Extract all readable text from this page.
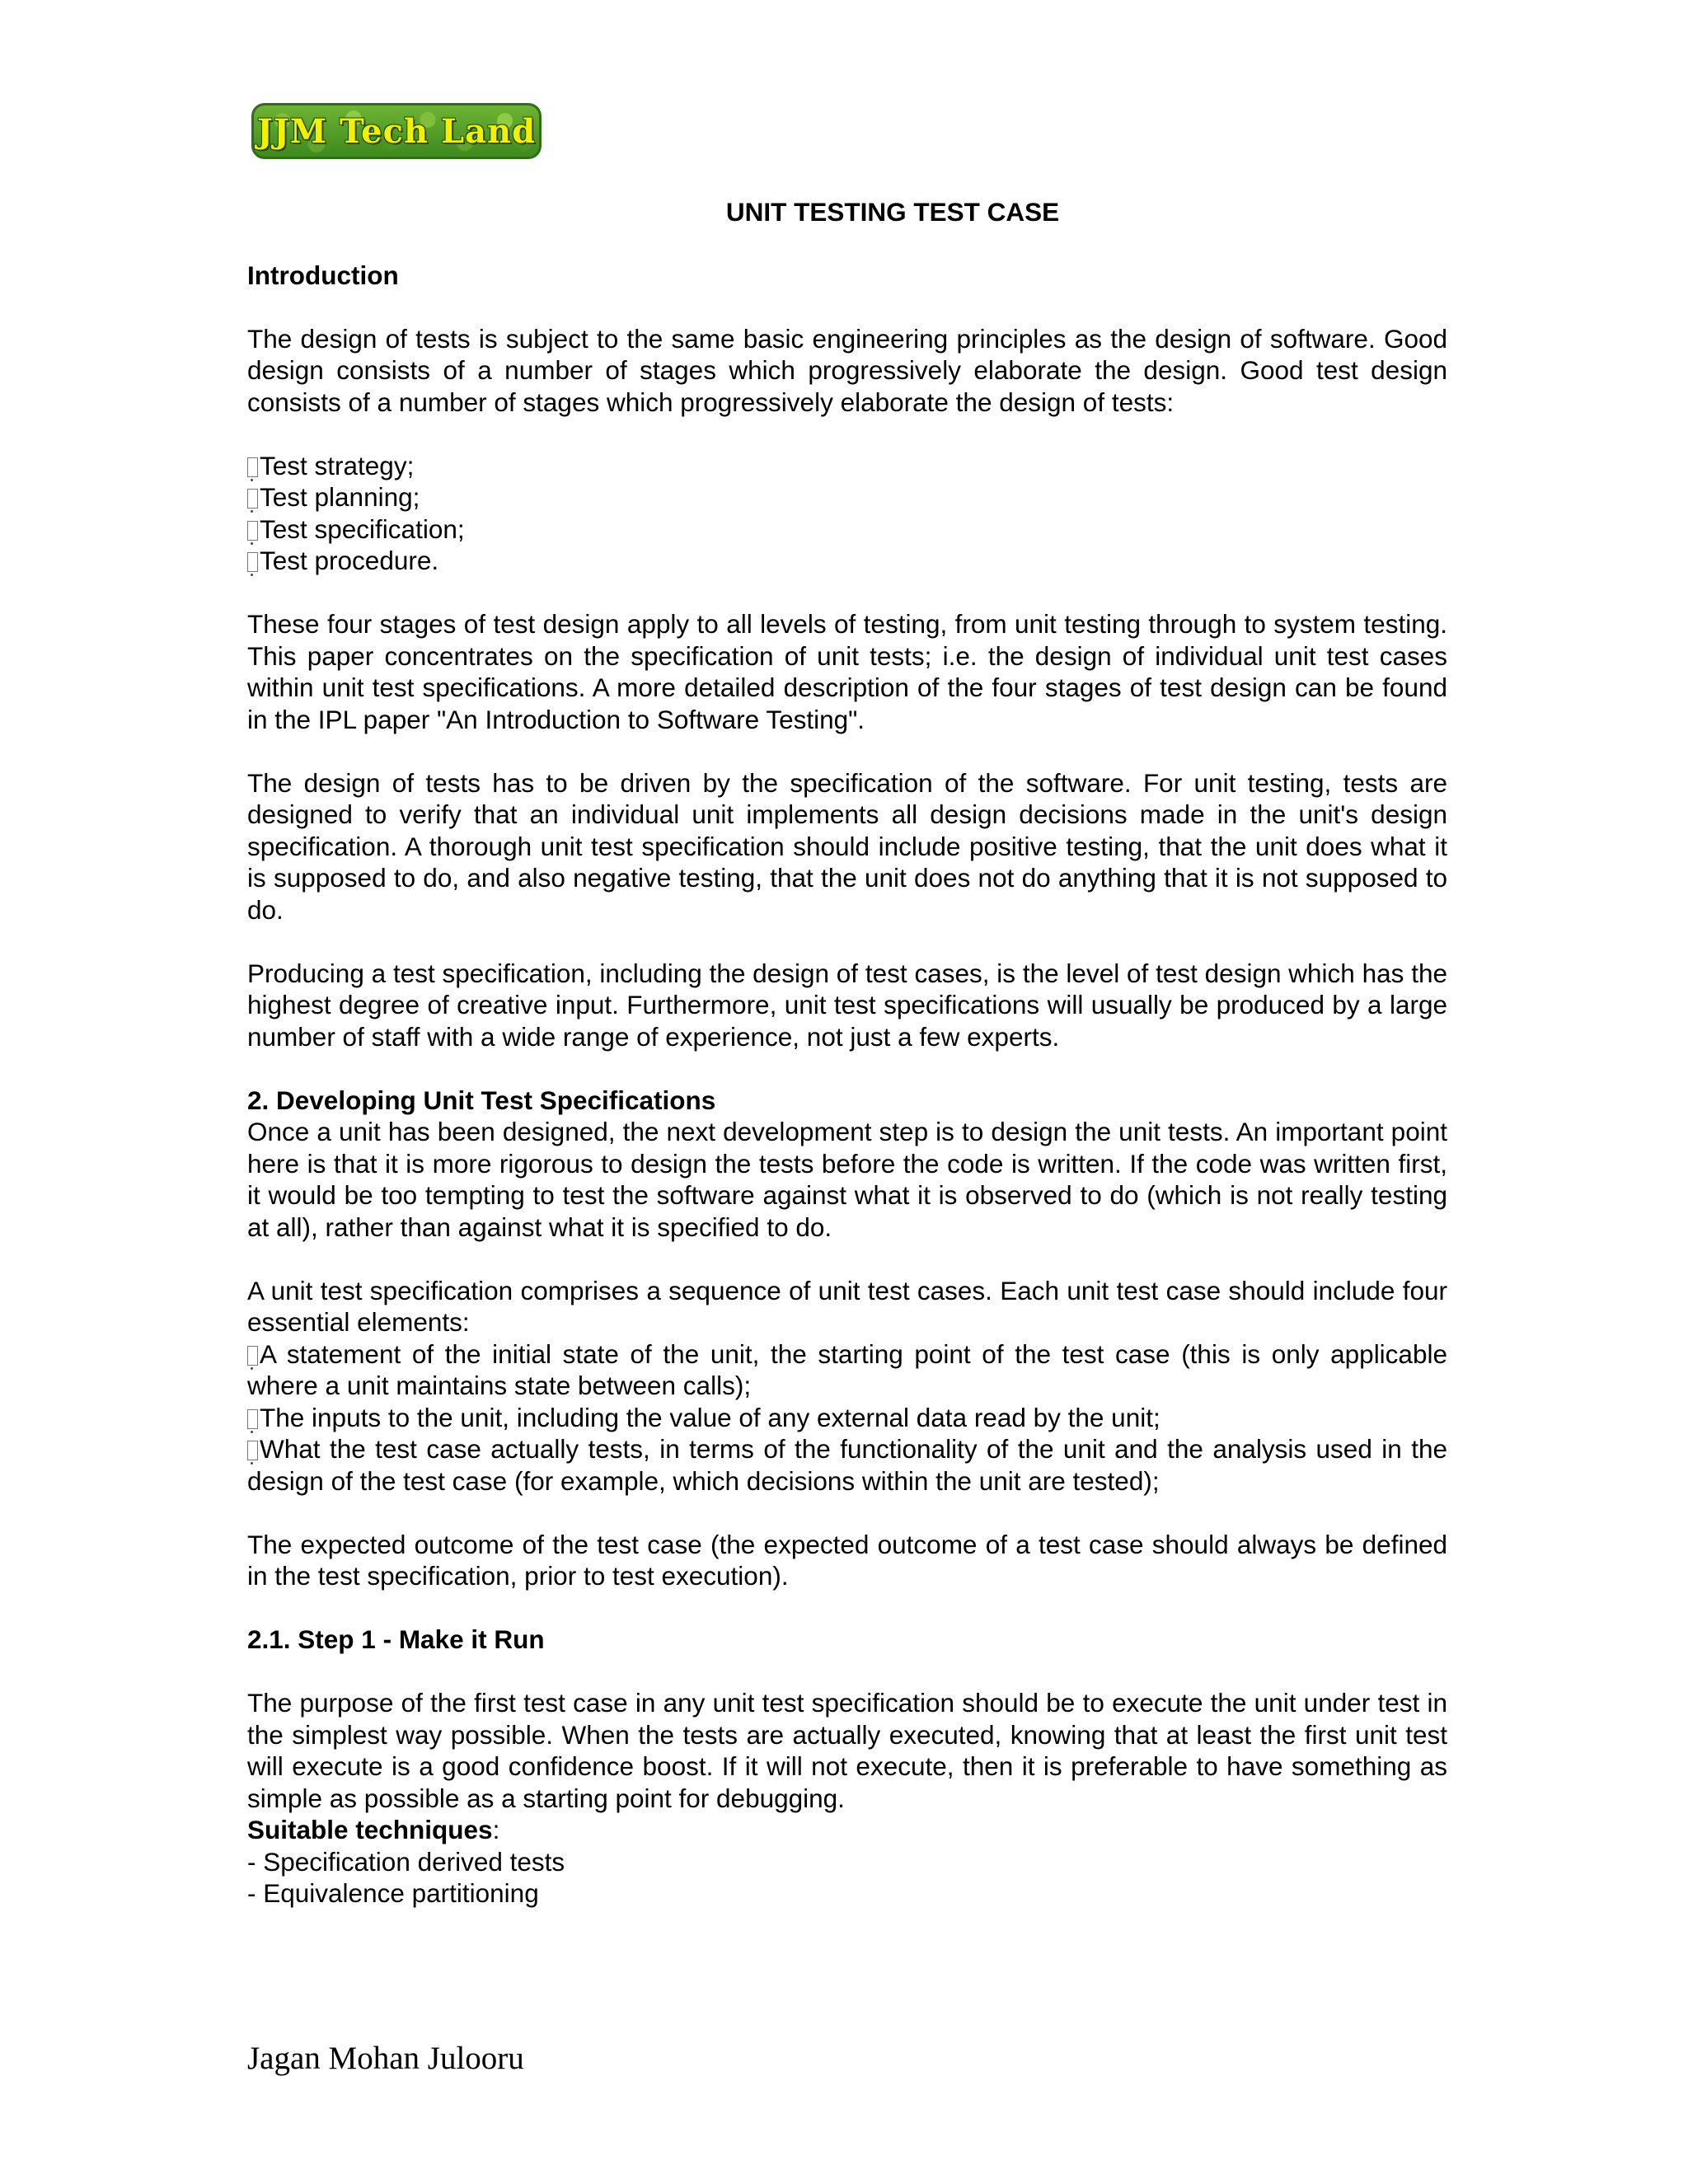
JJM Tech Land
UNIT TESTING TEST CASE
Introduction

The design of tests is subject to the same basic engineering principles as the design of software. Good design consists of a number of stages which progressively elaborate the design. Good test design consists of a number of stages which progressively elaborate the design of tests:

Test strategy;
Test planning;
Test specification;
Test procedure.

These four stages of test design apply to all levels of testing, from unit testing through to system testing. This paper concentrates on the specification of unit tests; i.e. the design of individual unit test cases within unit test specifications. A more detailed description of the four stages of test design can be found in the IPL paper "An Introduction to Software Testing".

The design of tests has to be driven by the specification of the software. For unit testing, tests are designed to verify that an individual unit implements all design decisions made in the unit's design specification. A thorough unit test specification should include positive testing, that the unit does what it is supposed to do, and also negative testing, that the unit does not do anything that it is not supposed to do.

Producing a test specification, including the design of test cases, is the level of test design which has the highest degree of creative input. Furthermore, unit test specifications will usually be produced by a large number of staff with a wide range of experience, not just a few experts.

2. Developing Unit Test Specifications

Once a unit has been designed, the next development step is to design the unit tests. An important point here is that it is more rigorous to design the tests before the code is written. If the code was written first, it would be too tempting to test the software against what it is observed to do (which is not really testing at all), rather than against what it is specified to do.

A unit test specification comprises a sequence of unit test cases. Each unit test case should include four essential elements:

A statement of the initial state of the unit, the starting point of the test case (this is only applicable where a unit maintains state between calls);
The inputs to the unit, including the value of any external data read by the unit;
What the test case actually tests, in terms of the functionality of the unit and the analysis used in the design of the test case (for example, which decisions within the unit are tested);

The expected outcome of the test case (the expected outcome of a test case should always be defined in the test specification, prior to test execution).

2.1. Step 1 - Make it Run

The purpose of the first test case in any unit test specification should be to execute the unit under test in the simplest way possible. When the tests are actually executed, knowing that at least the first unit test will execute is a good confidence boost. If it will not execute, then it is preferable to have something as simple as possible as a starting point for debugging.

Suitable techniques:
- Specification derived tests
- Equivalence partitioning
Jagan Mohan Julooru
